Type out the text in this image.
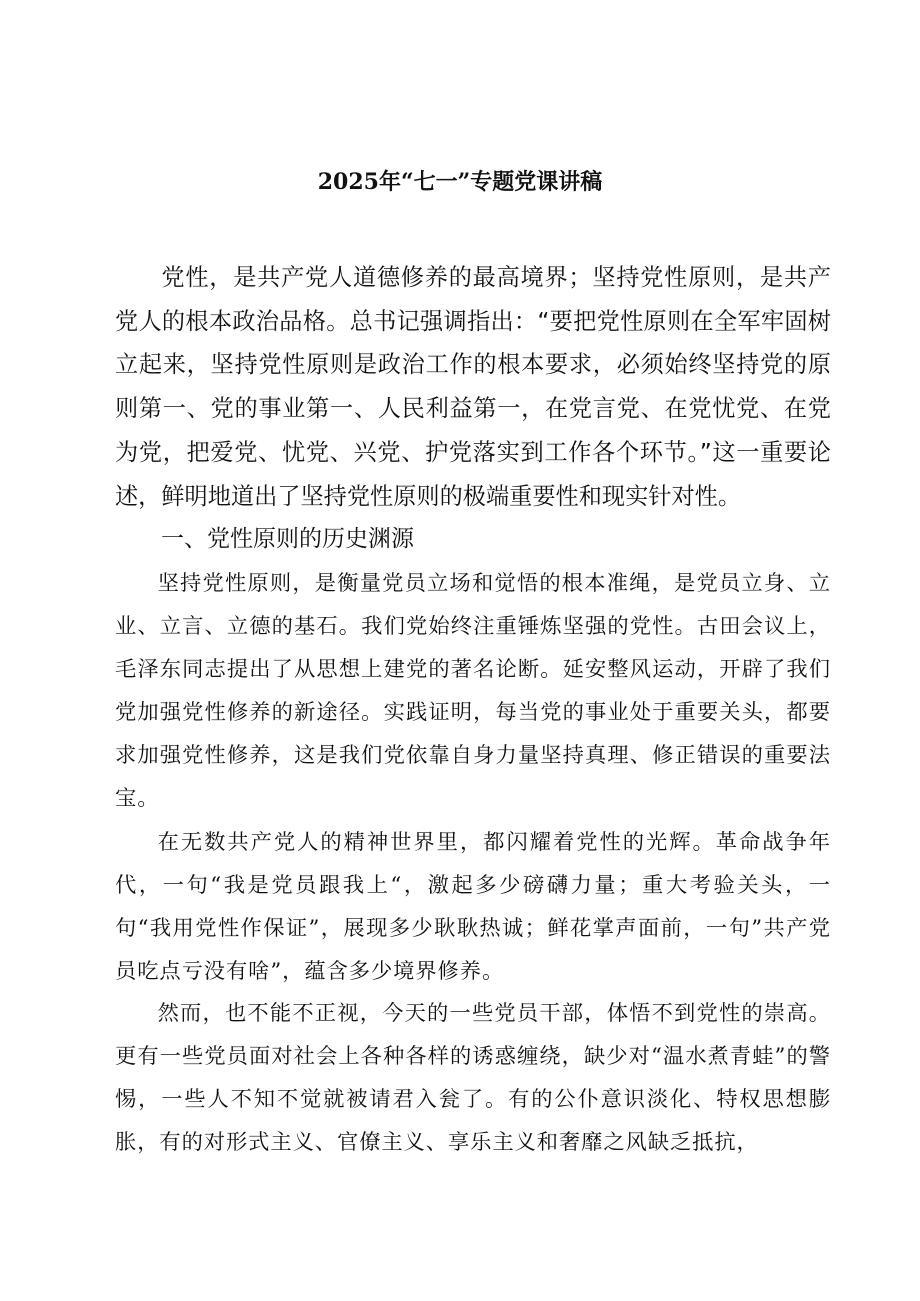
2025年“七一”专题党课讲稿

党性，是共产党人道德修养的最高境界；坚持党性原则，是共产党人的根本政治品格。总书记强调指出：“要把党性原则在全军牢固树立起来，坚持党性原则是政治工作的根本要求，必须始终坚持党的原则第一、党的事业第一、人民利益第一，在党言党、在党忧党、在党为党，把爱党、忧党、兴党、护党落实到工作各个环节。”这一重要论述，鲜明地道出了坚持党性原则的极端重要性和现实针对性。

一、党性原则的历史渊源

坚持党性原则，是衡量党员立场和觉悟的根本准绳，是党员立身、立业、立言、立德的基石。我们党始终注重锤炼坚强的党性。古田会议上，毛泽东同志提出了从思想上建党的著名论断。延安整风运动，开辟了我们党加强党性修养的新途径。实践证明，每当党的事业处于重要关头，都要求加强党性修养，这是我们党依靠自身力量坚持真理、修正错误的重要法宝。

在无数共产党人的精神世界里，都闪耀着党性的光辉。革命战争年代，一句“我是党员跟我上“，激起多少磅礴力量；重大考验关头，一句“我用党性作保证”，展现多少耿耿热诚；鲜花掌声面前，一句”共产党员吃点亏没有啥”，蕴含多少境界修养。

然而，也不能不正视，今天的一些党员干部，体悟不到党性的崇高。更有一些党员面对社会上各种各样的诱惑缠绕，缺少对“温水煮青蛙”的警惕，一些人不知不觉就被请君入瓮了。有的公仆意识淡化、特权思想膨胀，有的对形式主义、官僚主义、享乐主义和奢靡之风缺乏抵抗，
